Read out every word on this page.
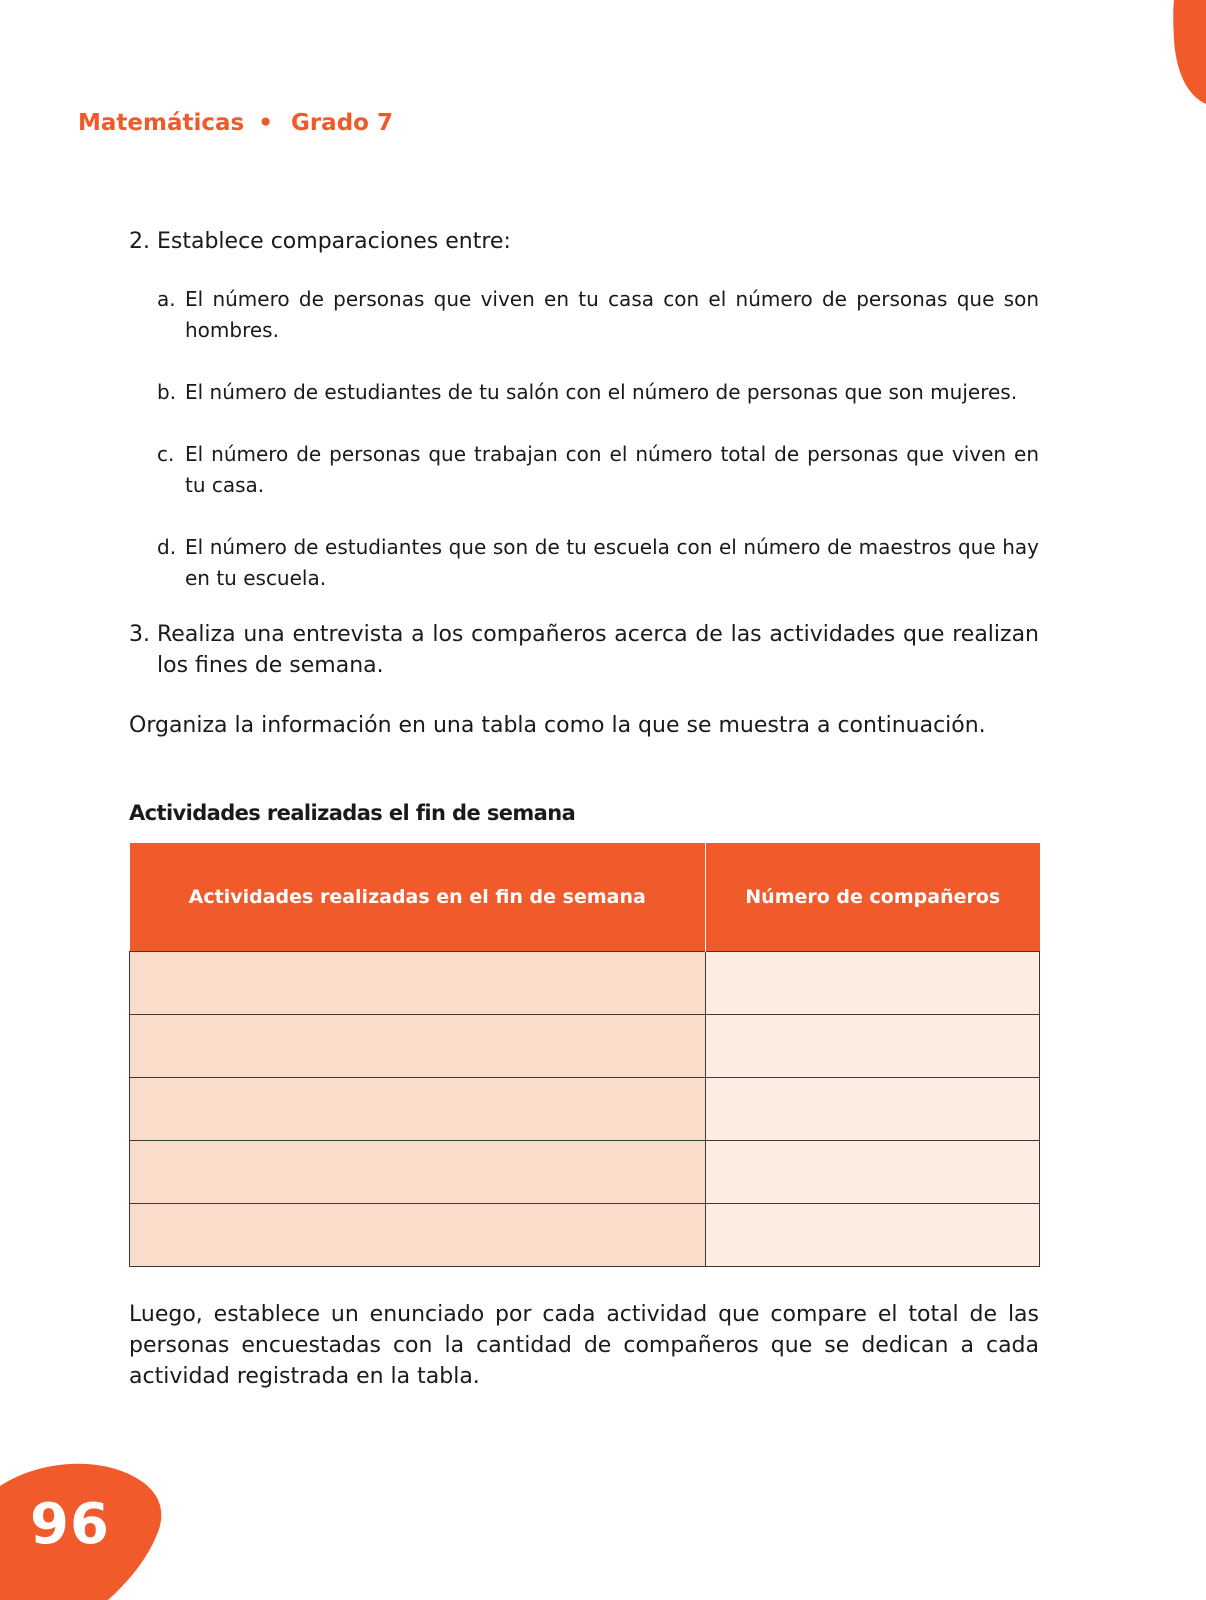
96
Matemáticas • Grado 7
2. Establece comparaciones entre:
a. El número de personas que viven en tu casa con el número de personas que son hombres.
b. El número de estudiantes de tu salón con el número de personas que son mujeres.
c. El número de personas que trabajan con el número total de personas que viven en tu casa.
d. El número de estudiantes que son de tu escuela con el número de maestros que hay en tu escuela.
3. Realiza una entrevista a los compañeros acerca de las actividades que realizan los fines de semana.
Organiza la información en una tabla como la que se muestra a continuación.
Actividades realizadas el fin de semana
Actividades realizadas en el fin de semana	Número de compañeros

Luego, establece un enunciado por cada actividad que compare el total de las personas encuestadas con la cantidad de compañeros que se dedican a cada actividad registrada en la tabla.
